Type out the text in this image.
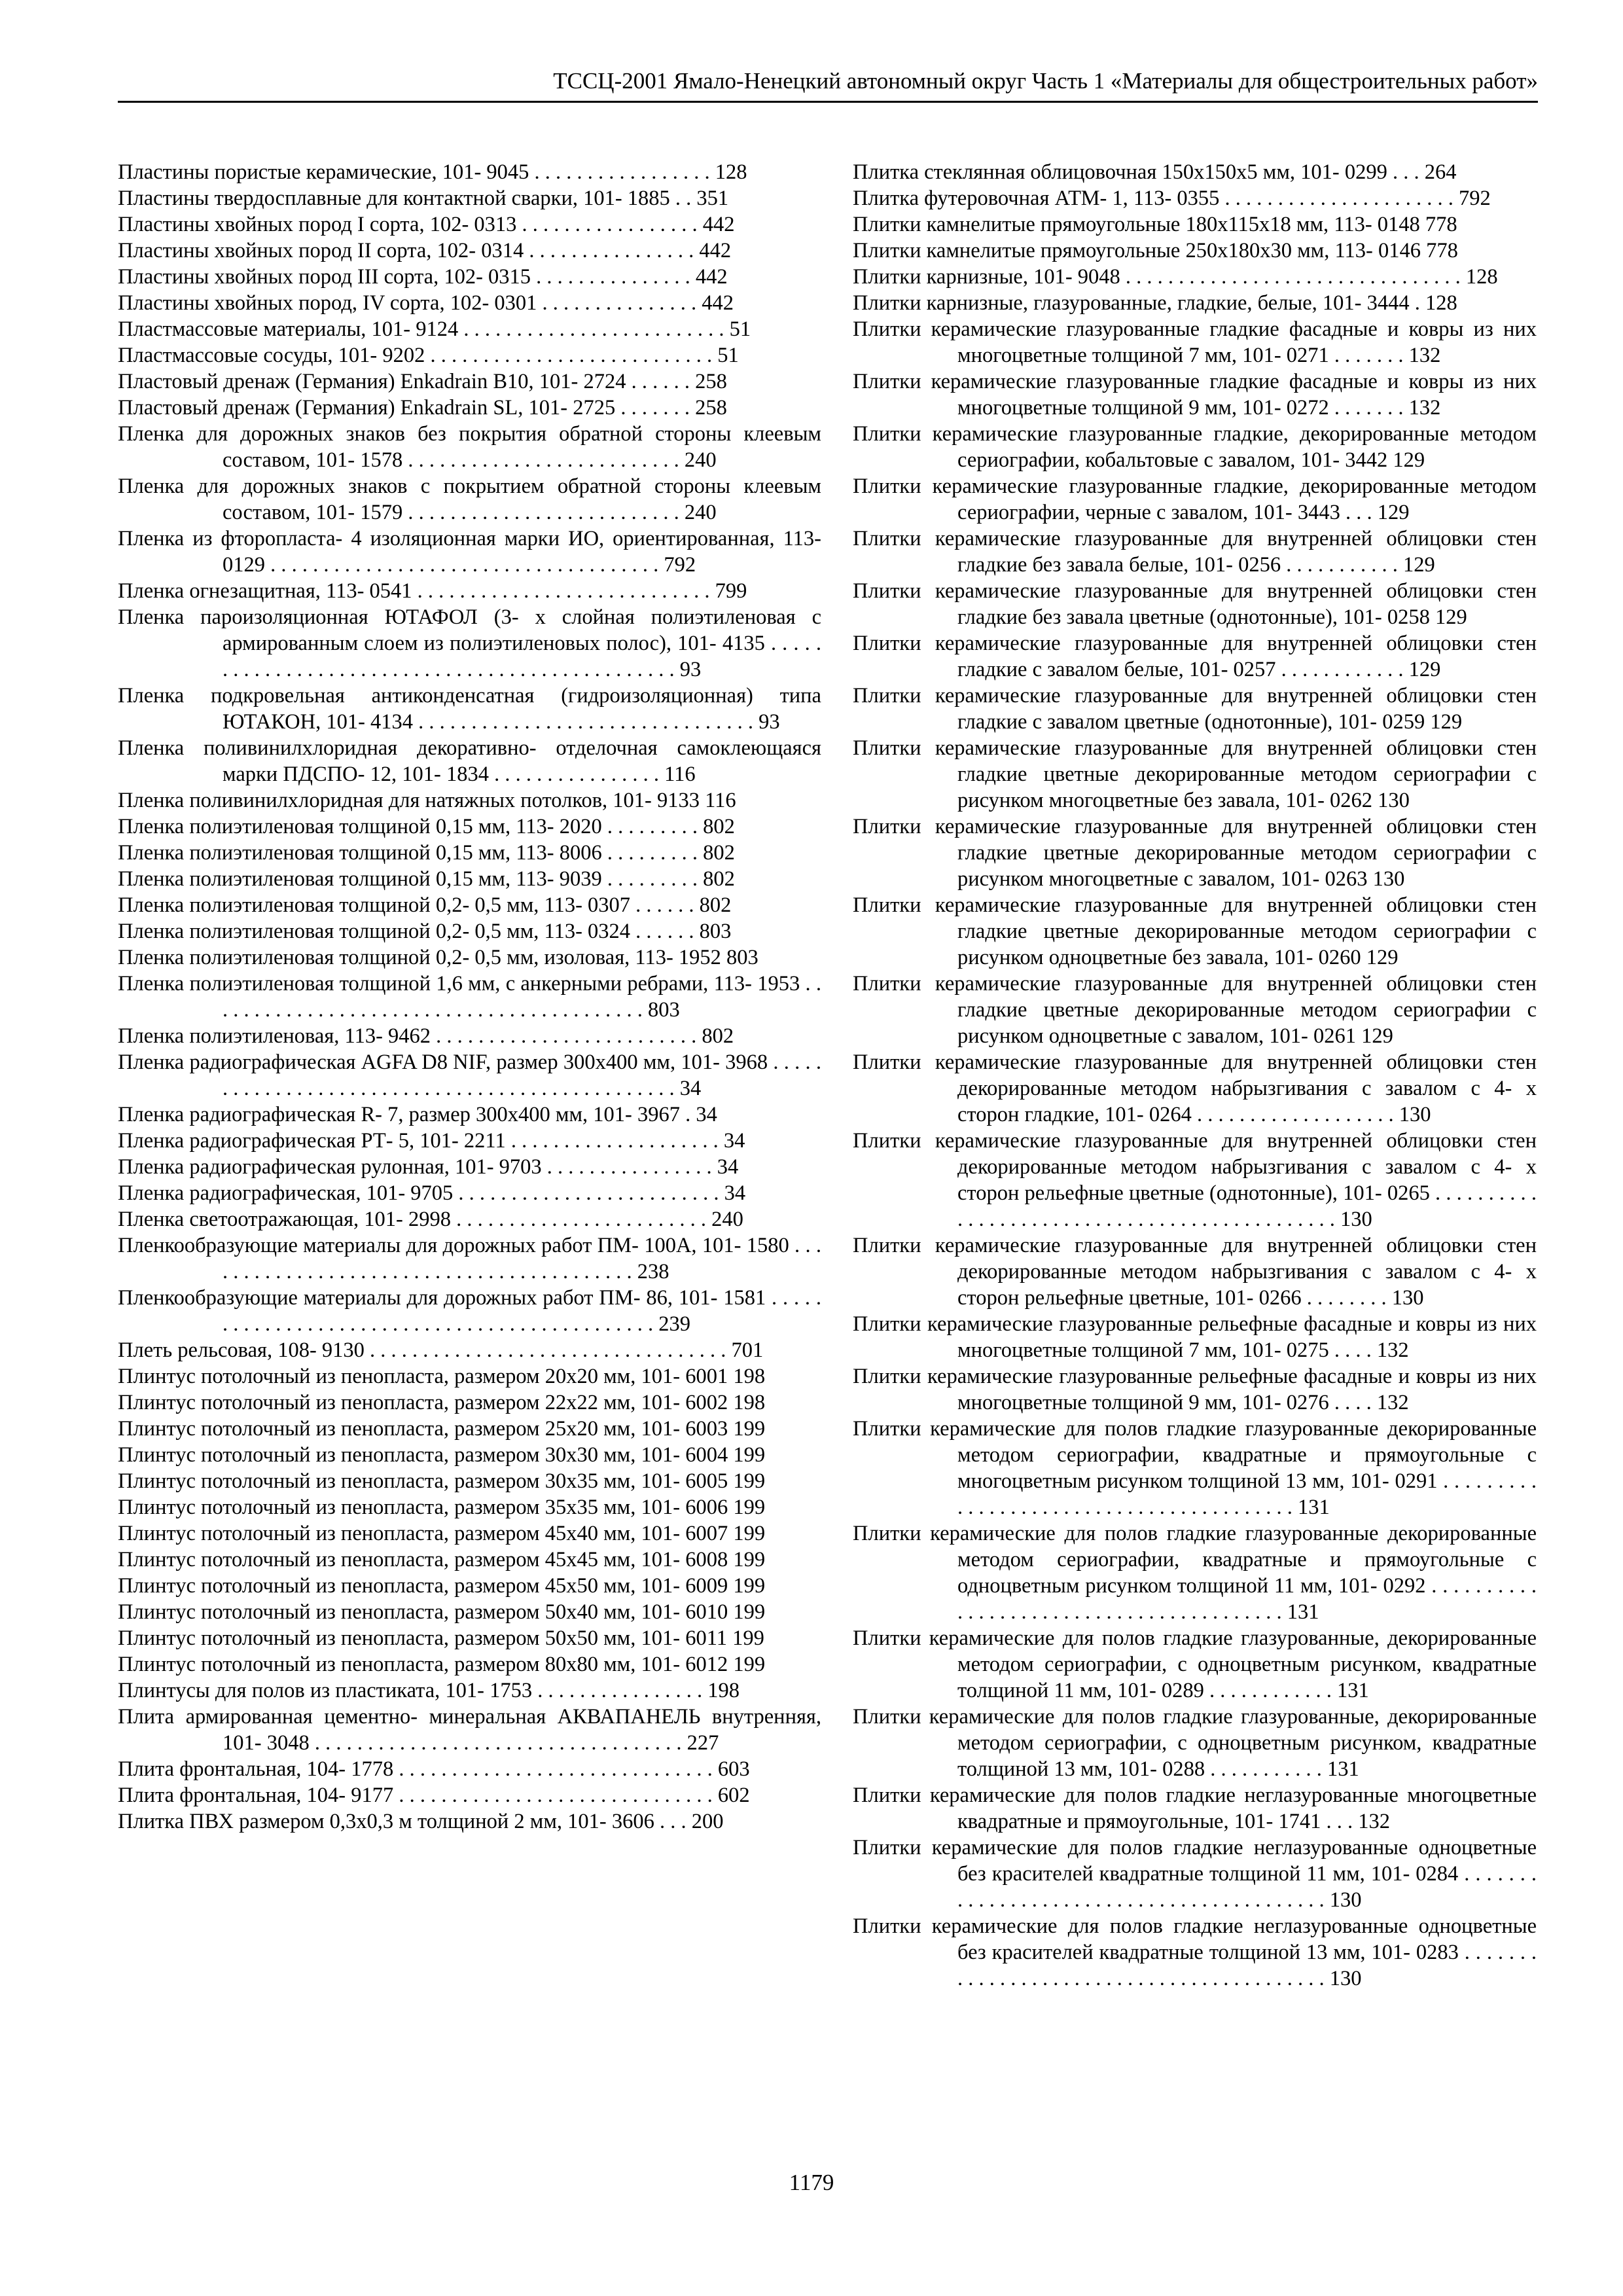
ТССЦ-2001 Ямало-Ненецкий автономный округ Часть 1 «Материалы для общестроительных работ»

Пластины пористые керамические, 101- 9045 . . . . . . . . . . . . . . . . . 128

Пластины твердосплавные для контактной сварки, 101- 1885 . . 351

Пластины хвойных пород I сорта, 102- 0313 . . . . . . . . . . . . . . . . . 442

Пластины хвойных пород II сорта, 102- 0314 . . . . . . . . . . . . . . . . 442

Пластины хвойных пород III сорта, 102- 0315 . . . . . . . . . . . . . . . 442

Пластины хвойных пород, IV сорта, 102- 0301 . . . . . . . . . . . . . . . 442

Пластмассовые материалы, 101- 9124 . . . . . . . . . . . . . . . . . . . . . . . . . 51

Пластмассовые сосуды, 101- 9202 . . . . . . . . . . . . . . . . . . . . . . . . . . . 51

Пластовый дренаж (Германия) Enkadrain B10, 101- 2724 . . . . . . 258

Пластовый дренаж (Германия) Enkadrain SL, 101- 2725 . . . . . . . 258

Пленка для дорожных знаков без покрытия обратной стороны клеевым составом, 101- 1578 . . . . . . . . . . . . . . . . . . . . . . . . . . 240

Пленка для дорожных знаков с покрытием обратной стороны клеевым составом, 101- 1579 . . . . . . . . . . . . . . . . . . . . . . . . . . 240

Пленка из фторопласта- 4 изоляционная марки ИО, ориентированная, 113- 0129 . . . . . . . . . . . . . . . . . . . . . . . . . . . . . . . . . . . . . 792

Пленка огнезащитная, 113- 0541 . . . . . . . . . . . . . . . . . . . . . . . . . . . . 799

Пленка пароизоляционная ЮТАФОЛ (3- х слойная полиэтиленовая с армированным слоем из полиэтиленовых полос), 101- 4135 . . . . . . . . . . . . . . . . . . . . . . . . . . . . . . . . . . . . . . . . . . . . . . . . 93

Пленка подкровельная антиконденсатная (гидроизоляционная) типа ЮТАКОН, 101- 4134 . . . . . . . . . . . . . . . . . . . . . . . . . . . . . . . . 93

Пленка поливинилхлоридная декоративно- отделочная самоклеющаяся марки ПДСПО- 12, 101- 1834 . . . . . . . . . . . . . . . . 116

Пленка поливинилхлоридная для натяжных потолков, 101- 9133 116

Пленка полиэтиленовая толщиной 0,15 мм, 113- 2020 . . . . . . . . . 802

Пленка полиэтиленовая толщиной 0,15 мм, 113- 8006 . . . . . . . . . 802

Пленка полиэтиленовая толщиной 0,15 мм, 113- 9039 . . . . . . . . . 802

Пленка полиэтиленовая толщиной 0,2- 0,5 мм, 113- 0307 . . . . . . 802

Пленка полиэтиленовая толщиной 0,2- 0,5 мм, 113- 0324 . . . . . . 803

Пленка полиэтиленовая толщиной 0,2- 0,5 мм, изоловая, 113- 1952 803

Пленка полиэтиленовая толщиной 1,6 мм, с анкерными ребрами, 113- 1953 . . . . . . . . . . . . . . . . . . . . . . . . . . . . . . . . . . . . . . . . . . 803

Пленка полиэтиленовая, 113- 9462 . . . . . . . . . . . . . . . . . . . . . . . . . 802

Пленка радиографическая AGFA D8 NIF, размер 300x400 мм, 101- 3968 . . . . . . . . . . . . . . . . . . . . . . . . . . . . . . . . . . . . . . . . . . . . . . . . 34

Пленка радиографическая R- 7, размер 300x400 мм, 101- 3967 . 34

Пленка радиографическая РТ- 5, 101- 2211 . . . . . . . . . . . . . . . . . . . . 34

Пленка радиографическая рулонная, 101- 9703 . . . . . . . . . . . . . . . . 34

Пленка радиографическая, 101- 9705 . . . . . . . . . . . . . . . . . . . . . . . . . 34

Пленка светоотражающая, 101- 2998 . . . . . . . . . . . . . . . . . . . . . . . . 240

Пленкообразующие материалы для дорожных работ ПМ- 100А, 101- 1580 . . . . . . . . . . . . . . . . . . . . . . . . . . . . . . . . . . . . . . . . . . 238

Пленкообразующие материалы для дорожных работ ПМ- 86, 101- 1581 . . . . . . . . . . . . . . . . . . . . . . . . . . . . . . . . . . . . . . . . . . . . . . 239

Плеть рельсовая, 108- 9130 . . . . . . . . . . . . . . . . . . . . . . . . . . . . . . . . . . 701

Плинтус потолочный из пенопласта, размером 20х20 мм, 101- 6001 198

Плинтус потолочный из пенопласта, размером 22х22 мм, 101- 6002 198

Плинтус потолочный из пенопласта, размером 25х20 мм, 101- 6003 199

Плинтус потолочный из пенопласта, размером 30х30 мм, 101- 6004 199

Плинтус потолочный из пенопласта, размером 30х35 мм, 101- 6005 199

Плинтус потолочный из пенопласта, размером 35х35 мм, 101- 6006 199

Плинтус потолочный из пенопласта, размером 45х40 мм, 101- 6007 199

Плинтус потолочный из пенопласта, размером 45х45 мм, 101- 6008 199

Плинтус потолочный из пенопласта, размером 45х50 мм, 101- 6009 199

Плинтус потолочный из пенопласта, размером 50х40 мм, 101- 6010 199

Плинтус потолочный из пенопласта, размером 50х50 мм, 101- 6011 199

Плинтус потолочный из пенопласта, размером 80х80 мм, 101- 6012 199

Плинтусы для полов из пластиката, 101- 1753 . . . . . . . . . . . . . . . . 198

Плита армированная цементно- минеральная АКВАПАНЕЛЬ внутренняя, 101- 3048 . . . . . . . . . . . . . . . . . . . . . . . . . . . . . . . . . . . 227

Плита фронтальная, 104- 1778 . . . . . . . . . . . . . . . . . . . . . . . . . . . . . . 603

Плита фронтальная, 104- 9177 . . . . . . . . . . . . . . . . . . . . . . . . . . . . . . 602

Плитка ПВХ размером 0,3х0,3 м толщиной 2 мм, 101- 3606 . . . 200

Плитка стеклянная облицовочная 150х150х5 мм, 101- 0299 . . . 264

Плитка футеровочная АТМ- 1, 113- 0355 . . . . . . . . . . . . . . . . . . . . . . 792

Плитки камнелитые прямоугольные 180х115х18 мм, 113- 0148 778

Плитки камнелитые прямоугольные 250х180х30 мм, 113- 0146 778

Плитки карнизные, 101- 9048 . . . . . . . . . . . . . . . . . . . . . . . . . . . . . . . . 128

Плитки карнизные, глазурованные, гладкие, белые, 101- 3444 . 128

Плитки керамические глазурованные гладкие фасадные и ковры из них многоцветные толщиной 7 мм, 101- 0271 . . . . . . . 132

Плитки керамические глазурованные гладкие фасадные и ковры из них многоцветные толщиной 9 мм, 101- 0272 . . . . . . . 132

Плитки керамические глазурованные гладкие, декорированные методом сериографии, кобальтовые с завалом, 101- 3442 129

Плитки керамические глазурованные гладкие, декорированные методом сериографии, черные с завалом, 101- 3443 . . . 129

Плитки керамические глазурованные для внутренней облицовки стен гладкие без завала белые, 101- 0256 . . . . . . . . . . . 129

Плитки керамические глазурованные для внутренней облицовки стен гладкие без завала цветные (однотонные), 101- 0258 129

Плитки керамические глазурованные для внутренней облицовки стен гладкие с завалом белые, 101- 0257 . . . . . . . . . . . . 129

Плитки керамические глазурованные для внутренней облицовки стен гладкие с завалом цветные (однотонные), 101- 0259 129

Плитки керамические глазурованные для внутренней облицовки стен гладкие цветные декорированные методом сериографии с рисунком многоцветные без завала, 101- 0262 130

Плитки керамические глазурованные для внутренней облицовки стен гладкие цветные декорированные методом сериографии с рисунком многоцветные с завалом, 101- 0263 130

Плитки керамические глазурованные для внутренней облицовки стен гладкие цветные декорированные методом сериографии с рисунком одноцветные без завала, 101- 0260 129

Плитки керамические глазурованные для внутренней облицовки стен гладкие цветные декорированные методом сериографии с рисунком одноцветные с завалом, 101- 0261 129

Плитки керамические глазурованные для внутренней облицовки стен декорированные методом набрызгивания с завалом с 4- х сторон гладкие, 101- 0264 . . . . . . . . . . . . . . . . . . . 130

Плитки керамические глазурованные для внутренней облицовки стен декорированные методом набрызгивания с завалом с 4- х сторон рельефные цветные (однотонные), 101- 0265 . . . . . . . . . . . . . . . . . . . . . . . . . . . . . . . . . . . . . . . . . . . . . . 130

Плитки керамические глазурованные для внутренней облицовки стен декорированные методом набрызгивания с завалом с 4- х сторон рельефные цветные, 101- 0266 . . . . . . . . 130

Плитки керамические глазурованные рельефные фасадные и ковры из них многоцветные толщиной 7 мм, 101- 0275 . . . . 132

Плитки керамические глазурованные рельефные фасадные и ковры из них многоцветные толщиной 9 мм, 101- 0276 . . . . 132

Плитки керамические для полов гладкие глазурованные декорированные методом сериографии, квадратные и прямоугольные с многоцветным рисунком толщиной 13 мм, 101- 0291 . . . . . . . . . . . . . . . . . . . . . . . . . . . . . . . . . . . . . . . . . 131

Плитки керамические для полов гладкие глазурованные декорированные методом сериографии, квадратные и прямоугольные с одноцветным рисунком толщиной 11 мм, 101- 0292 . . . . . . . . . . . . . . . . . . . . . . . . . . . . . . . . . . . . . . . . . 131

Плитки керамические для полов гладкие глазурованные, декорированные методом сериографии, с одноцветным рисунком, квадратные толщиной 11 мм, 101- 0289 . . . . . . . . . . . . 131

Плитки керамические для полов гладкие глазурованные, декорированные методом сериографии, с одноцветным рисунком, квадратные толщиной 13 мм, 101- 0288 . . . . . . . . . . . 131

Плитки керамические для полов гладкие неглазурованные многоцветные квадратные и прямоугольные, 101- 1741 . . . 132

Плитки керамические для полов гладкие неглазурованные одноцветные без красителей квадратные толщиной 11 мм, 101- 0284 . . . . . . . . . . . . . . . . . . . . . . . . . . . . . . . . . . . . . . . . . . 130

Плитки керамические для полов гладкие неглазурованные одноцветные без красителей квадратные толщиной 13 мм, 101- 0283 . . . . . . . . . . . . . . . . . . . . . . . . . . . . . . . . . . . . . . . . . . 130

1179
